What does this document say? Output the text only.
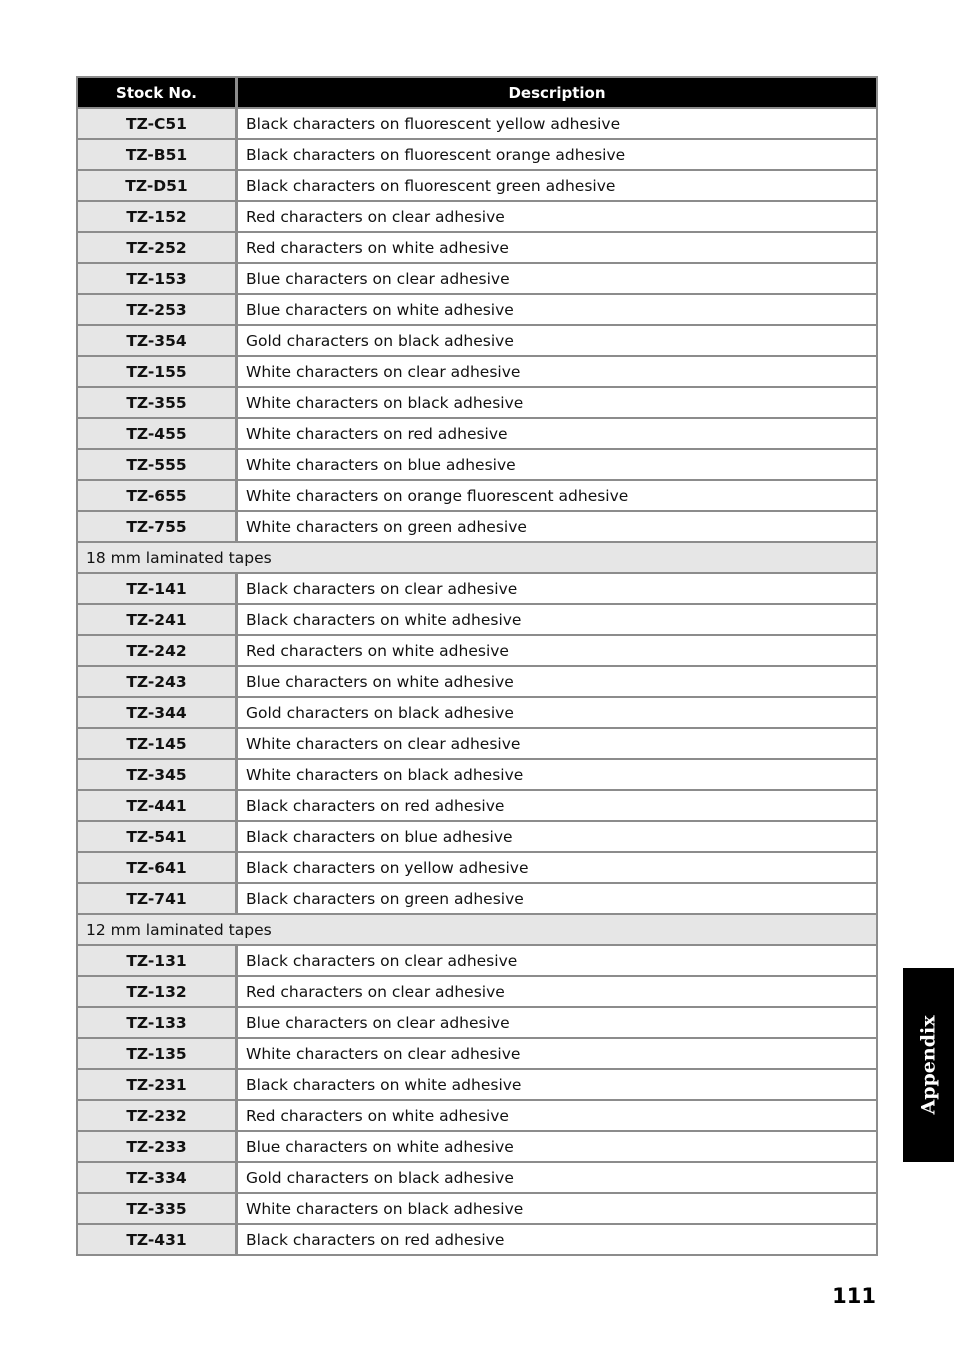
Stock No.	Description
TZ-C51	Black characters on fluorescent yellow adhesive
TZ-B51	Black characters on fluorescent orange adhesive
TZ-D51	Black characters on fluorescent green adhesive
TZ-152	Red characters on clear adhesive
TZ-252	Red characters on white adhesive
TZ-153	Blue characters on clear adhesive
TZ-253	Blue characters on white adhesive
TZ-354	Gold characters on black adhesive
TZ-155	White characters on clear adhesive
TZ-355	White characters on black adhesive
TZ-455	White characters on red adhesive
TZ-555	White characters on blue adhesive
TZ-655	White characters on orange fluorescent adhesive
TZ-755	White characters on green adhesive
18 mm laminated tapes
TZ-141	Black characters on clear adhesive
TZ-241	Black characters on white adhesive
TZ-242	Red characters on white adhesive
TZ-243	Blue characters on white adhesive
TZ-344	Gold characters on black adhesive
TZ-145	White characters on clear adhesive
TZ-345	White characters on black adhesive
TZ-441	Black characters on red adhesive
TZ-541	Black characters on blue adhesive
TZ-641	Black characters on yellow adhesive
TZ-741	Black characters on green adhesive
12 mm laminated tapes
TZ-131	Black characters on clear adhesive
TZ-132	Red characters on clear adhesive
TZ-133	Blue characters on clear adhesive
TZ-135	White characters on clear adhesive
TZ-231	Black characters on white adhesive
TZ-232	Red characters on white adhesive
TZ-233	Blue characters on white adhesive
TZ-334	Gold characters on black adhesive
TZ-335	White characters on black adhesive
TZ-431	Black characters on red adhesive
Appendix
111
